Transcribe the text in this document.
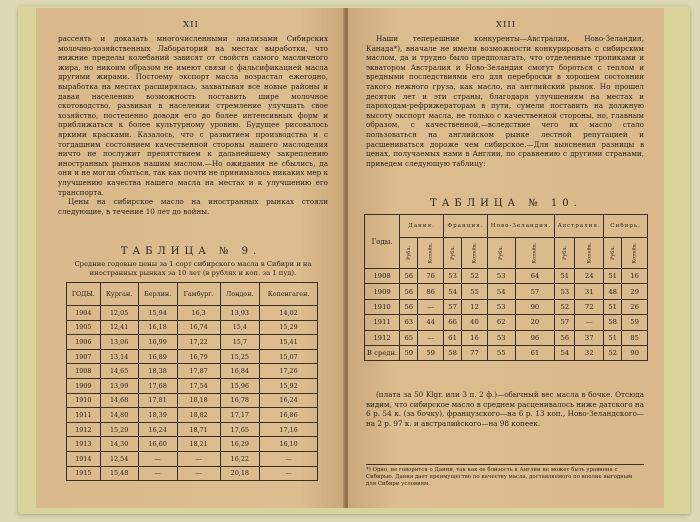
XII

рассеять и доказать многочисленными анализами Сибирских молочно-хозяйственных Лабораторий на местах выработки, что нижние пределы колебаний зависят от свойств самого масличного жира, но никоим образом не имеют связи с фальсификацией масла другими жирами. Постоему экспорт масла возрастал ежегодно, выработка на местах расширялась, захватывая все новые районы и давая населению возможность поставить шире молочное скотоводство, развивая в населении стремление улучшать свое хозяйство, постепенно доводя его до более интенсивных форм и приближаться к более культурному уровню. Будущее рисовалось яркими красками. Казалось, что с развитием производства и с тогдашним состоянием качественной стороны нашего маслоделия ничто не послужит препятствием к дальнейшему закреплению иностранных рынков нашим маслом.—Но ожидания не сбылись, да они и не могли сбыться, так как почти не принималось никаких мер к улучшению качества нашего масла на местах и к улучшению его транспорта.

Цены на сибирское масло на иностранных рынках стояли следующие, в течение 10 лет до войны.

ТАБЛИЦА № 9.
Средние годовые цены за 1 сорт сибирского масла в Сибири и на иностранных рынках за 10 лет (в рублях и коп. за 1 пуд).
ГОДЫ.	Курган.	Берлин.	Гамбург.	Лондон.	Копенгаген.
1904	12,05	15,94	16,3	13,93	14,02
1905	12,41	16,18	16,74	15,4	15,29
1906	13,06	16,99	17,22	15,7	15,41
1907	13,14	16,89	16,79	15,25	15,07
1908	14,65	18,38	17,87	16,84	17,26
1909	13,99	17,68	17,54	15,96	15,92
1910	14,68	17,81	18,18	16,78	16,24
1911	14,80	18,39	18,82	17,17	16,86
1912	15,29	16,24	18,71	17,65	17,16
1913	14,30	16,60	18,21	16,29	16,10
1914	12,54	—	—	16,22	—
1915	15,48	—	—	20,18	—
XIII

Наши теперешние конкуренты—Австралия, Ново-Зеландия, Канада*), вначале не имели возможности конкурировать с сибирским маслом, да и трудно было предполагать, что отделенные тропиками и экватором Австралия и Ново-Зеландия смогут бороться с теплом и вредными последствиями его для переброски в хорошем состоянии такого нежного груза, как масло, на английский рынок. Но прошел десяток лет и эти страны, благодаря улучшениям на местах и пароходам-рефрижераторам в пути, сумели поставить на должную высоту экспорт масла, не только с качественной стороны, но, главным образом, с качественной,—вследствие чего их масло стало пользоваться на английском рынке лестной репутацией и расшениваться дороже чем сибирское.—Для выяснения разницы в ценах, получаемых нами в Англии, по сравнению с другими странами, приведем следующую таблицу:

ТАБЛИЦА № 10.
Годы.	Дания.		Франция.		Ново-Зеландия.		Австралия.		Сибирь.	
	Рубл.	Копейк.	Рубл.	Копейк.	Рубл.	Копейк.	Рубл.	Копейк.	Рубл.	Копейк.
1908	56	76	53	52	53	64	51	24	51	16
1909	56	86	54	55	54	57	53	31	48	29
1910	56	—	57	12	53	90	52	72	51	26
1911	63	44	66	40	62	20	57	—	58	59
1912	65	—	61	16	53	96	56	37	51	85
В средн.	59	59	58	77	55	61	54	32	52	90

(плата за 50 Klgr. или 3 п. 2 ф.)—обычный вес масла в бочке. Отсюда видим, что сибирское масло в среднем расценивалось ниже датского на 6 р. 54 к. (за бочку), французского—на 6 р. 13 коп., Ново-Зеландского—на 2 р. 97 к. и австралийского—на 98 копеек.

*) Одно, не говорится о Дании, так как ее близость к Англии не может быть уравнена с Сибирью. Дания дает преимущество по качеству масла, доставляемого по вполне выгодным для Сибири условиям.
